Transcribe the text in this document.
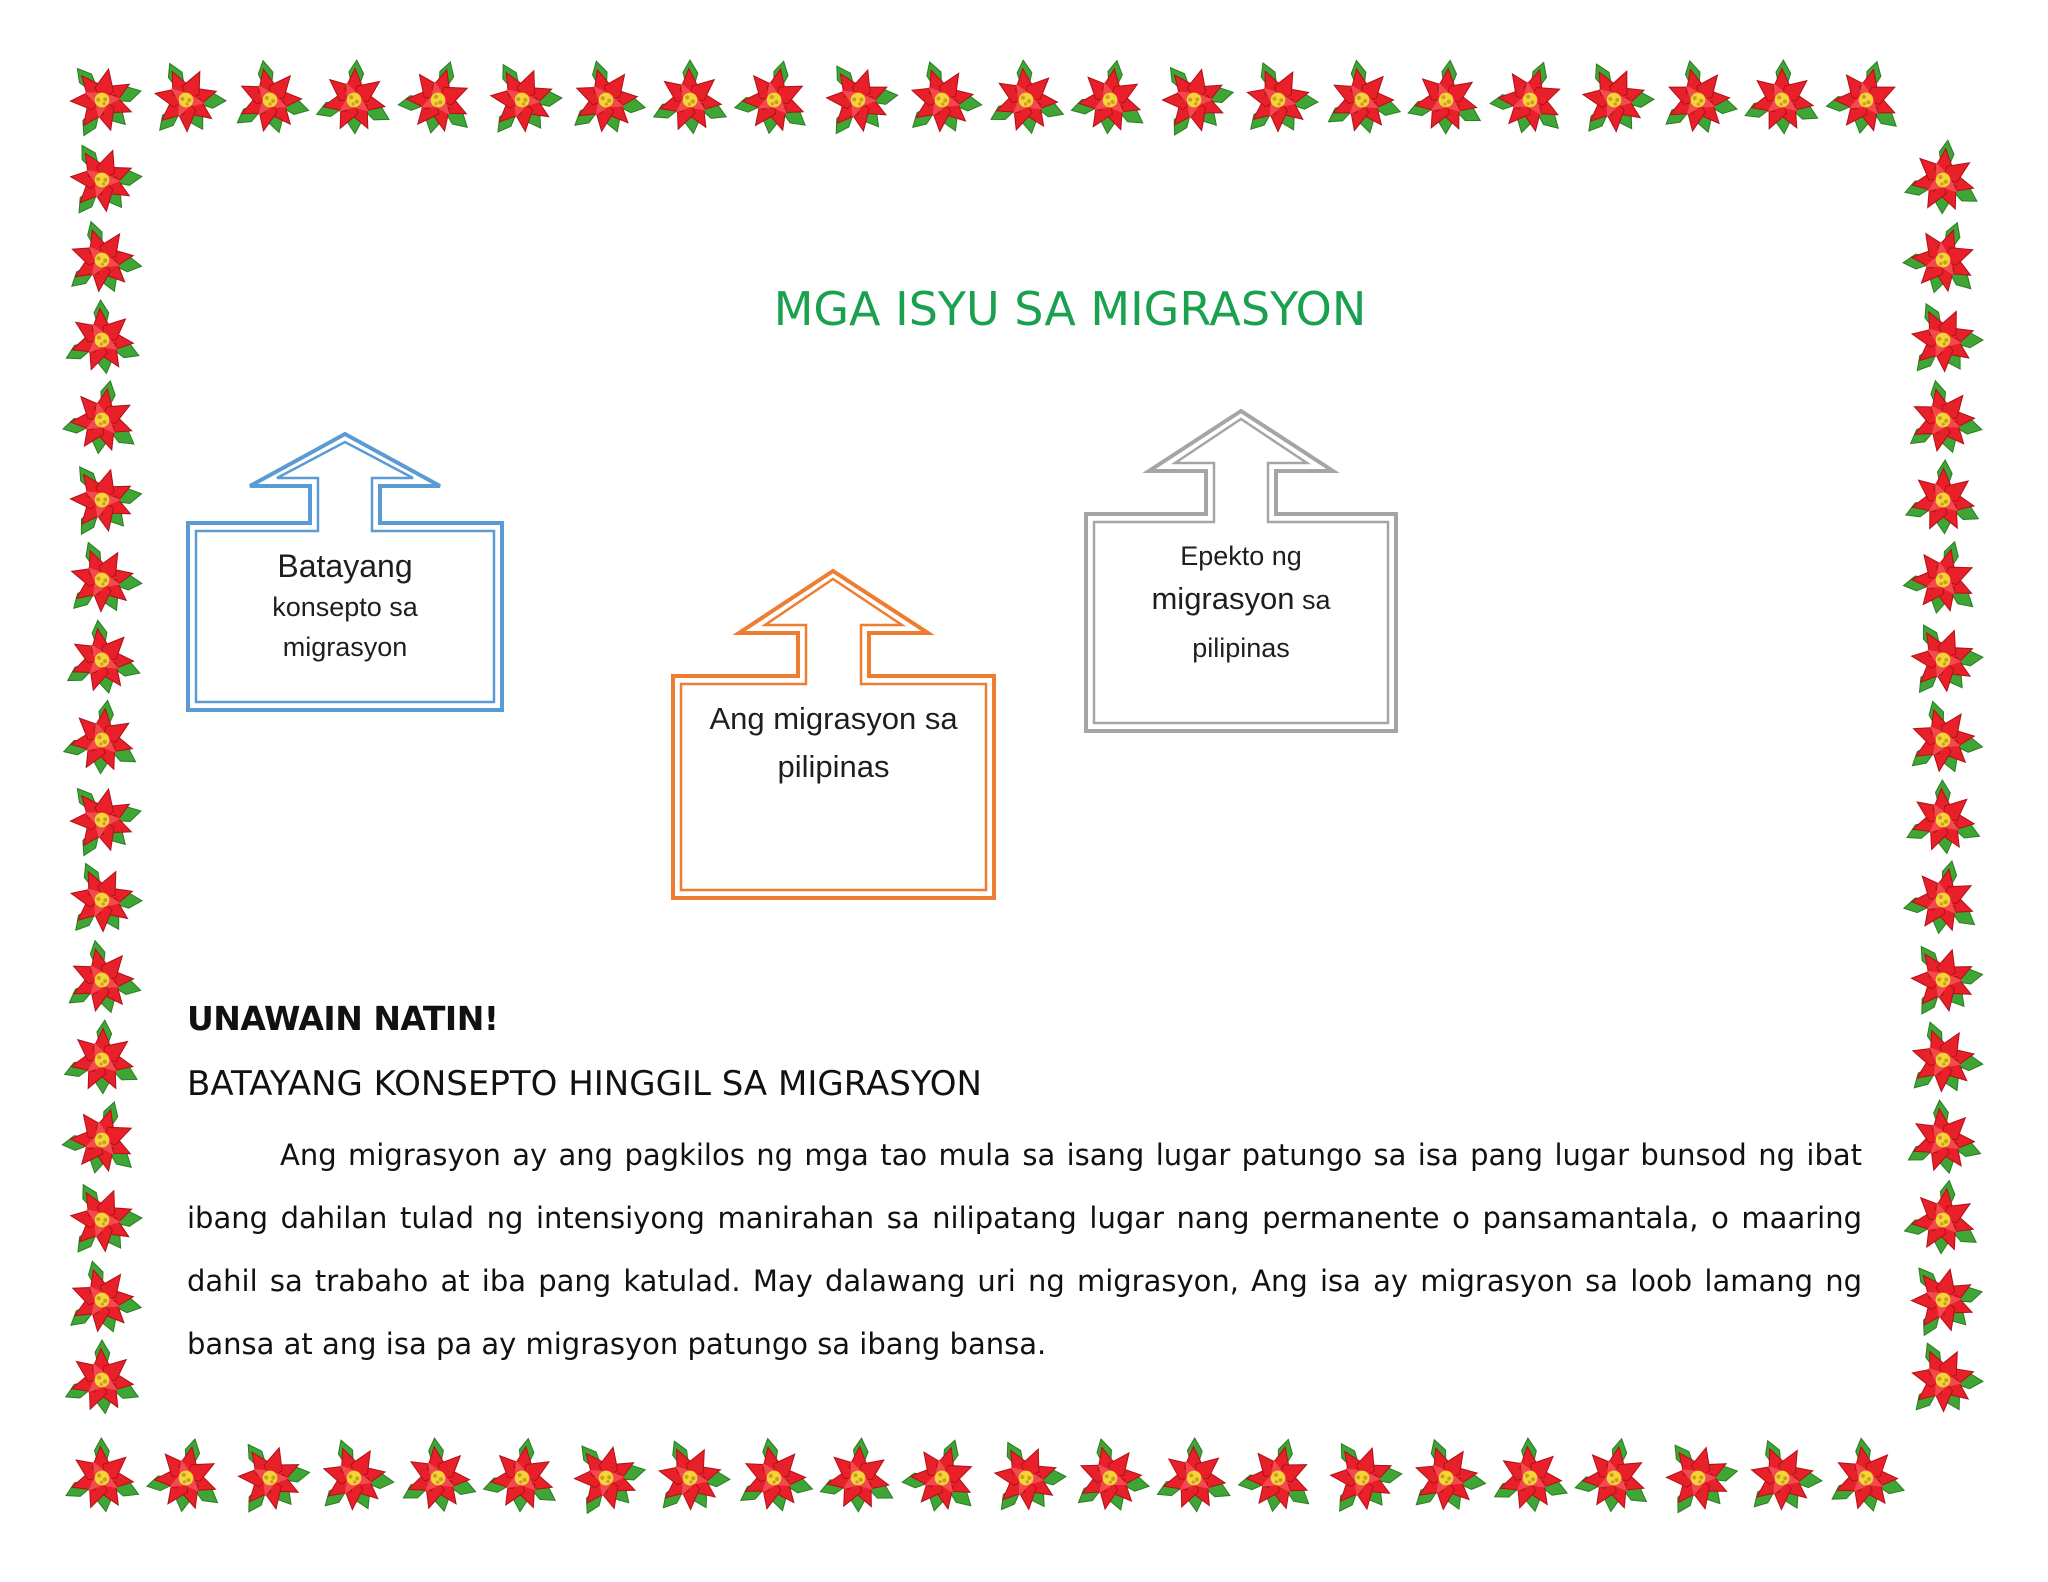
MGA ISYU SA MIGRASYON
Batayang
konsepto sa
migrasyon
Ang migrasyon sa
pilipinas
Epekto ng
migrasyon sa
pilipinas
UNAWAIN NATIN!
BATAYANG KONSEPTO HINGGIL SA MIGRASYON

Ang migrasyon ay ang pagkilos ng mga tao mula sa isang lugar patungo sa isa pang lugar bunsod ng ibat ibang dahilan tulad ng intensiyong manirahan sa nilipatang lugar nang permanente o pansamantala, o maaring dahil sa trabaho at iba pang katulad. May dalawang uri ng migrasyon, Ang isa ay migrasyon sa loob lamang ng bansa at ang isa pa ay migrasyon patungo sa ibang bansa.
